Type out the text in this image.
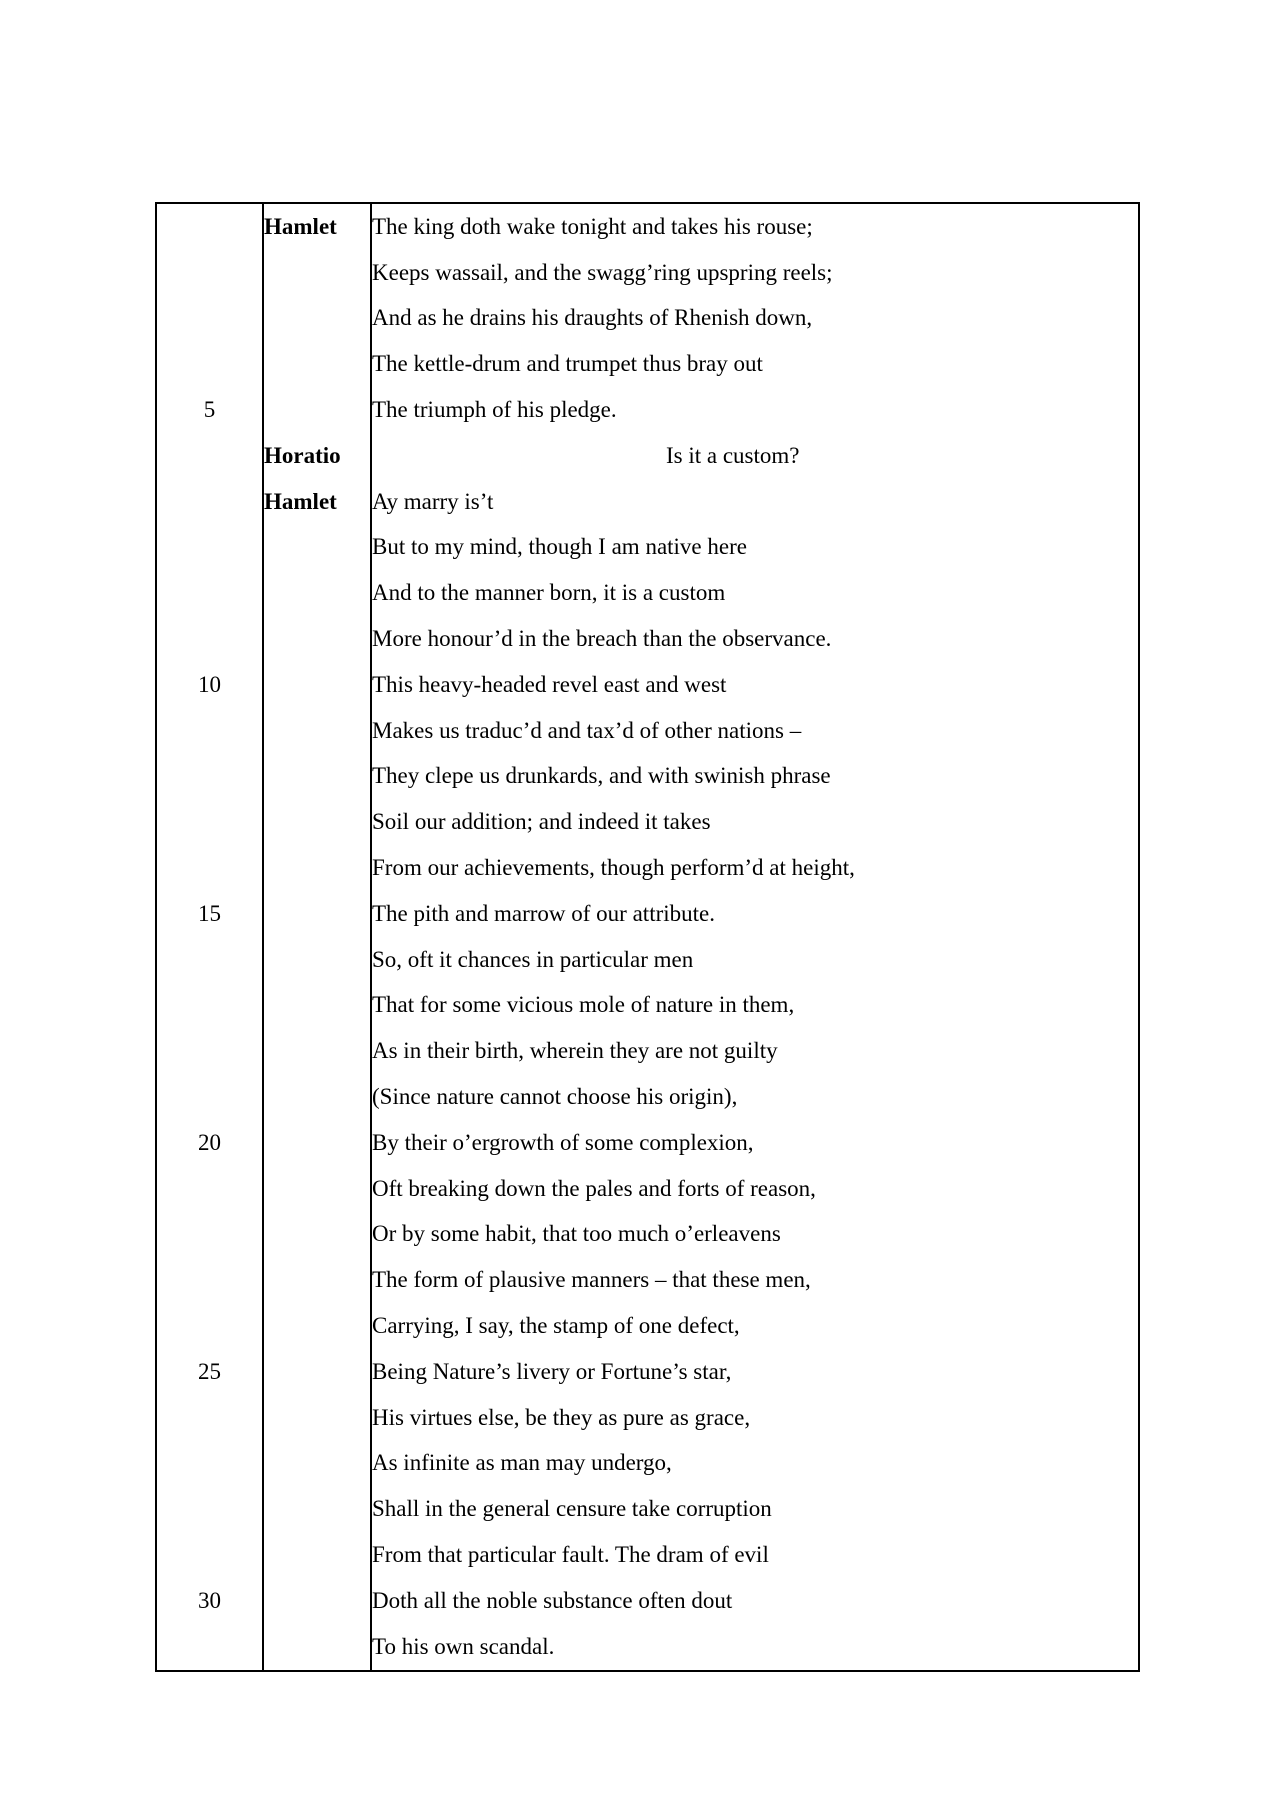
	Hamlet	The king doth wake tonight and takes his rouse;
		Keeps wassail, and the swagg’ring upspring reels;
		And as he drains his draughts of Rhenish down,
		The kettle-drum and trumpet thus bray out
5		The triumph of his pledge.
	Horatio	Is it a custom?
	Hamlet	Ay marry is’t
		But to my mind, though I am native here
		And to the manner born, it is a custom
		More honour’d in the breach than the observance.
10		This heavy-headed revel east and west
		Makes us traduc’d and tax’d of other nations –
		They clepe us drunkards, and with swinish phrase
		Soil our addition; and indeed it takes
		From our achievements, though perform’d at height,
15		The pith and marrow of our attribute.
		So, oft it chances in particular men
		That for some vicious mole of nature in them,
		As in their birth, wherein they are not guilty
		(Since nature cannot choose his origin),
20		By their o’ergrowth of some complexion,
		Oft breaking down the pales and forts of reason,
		Or by some habit, that too much o’erleavens
		The form of plausive manners – that these men,
		Carrying, I say, the stamp of one defect,
25		Being Nature’s livery or Fortune’s star,
		His virtues else, be they as pure as grace,
		As infinite as man may undergo,
		Shall in the general censure take corruption
		From that particular fault. The dram of evil
30		Doth all the noble substance often dout
		To his own scandal.
